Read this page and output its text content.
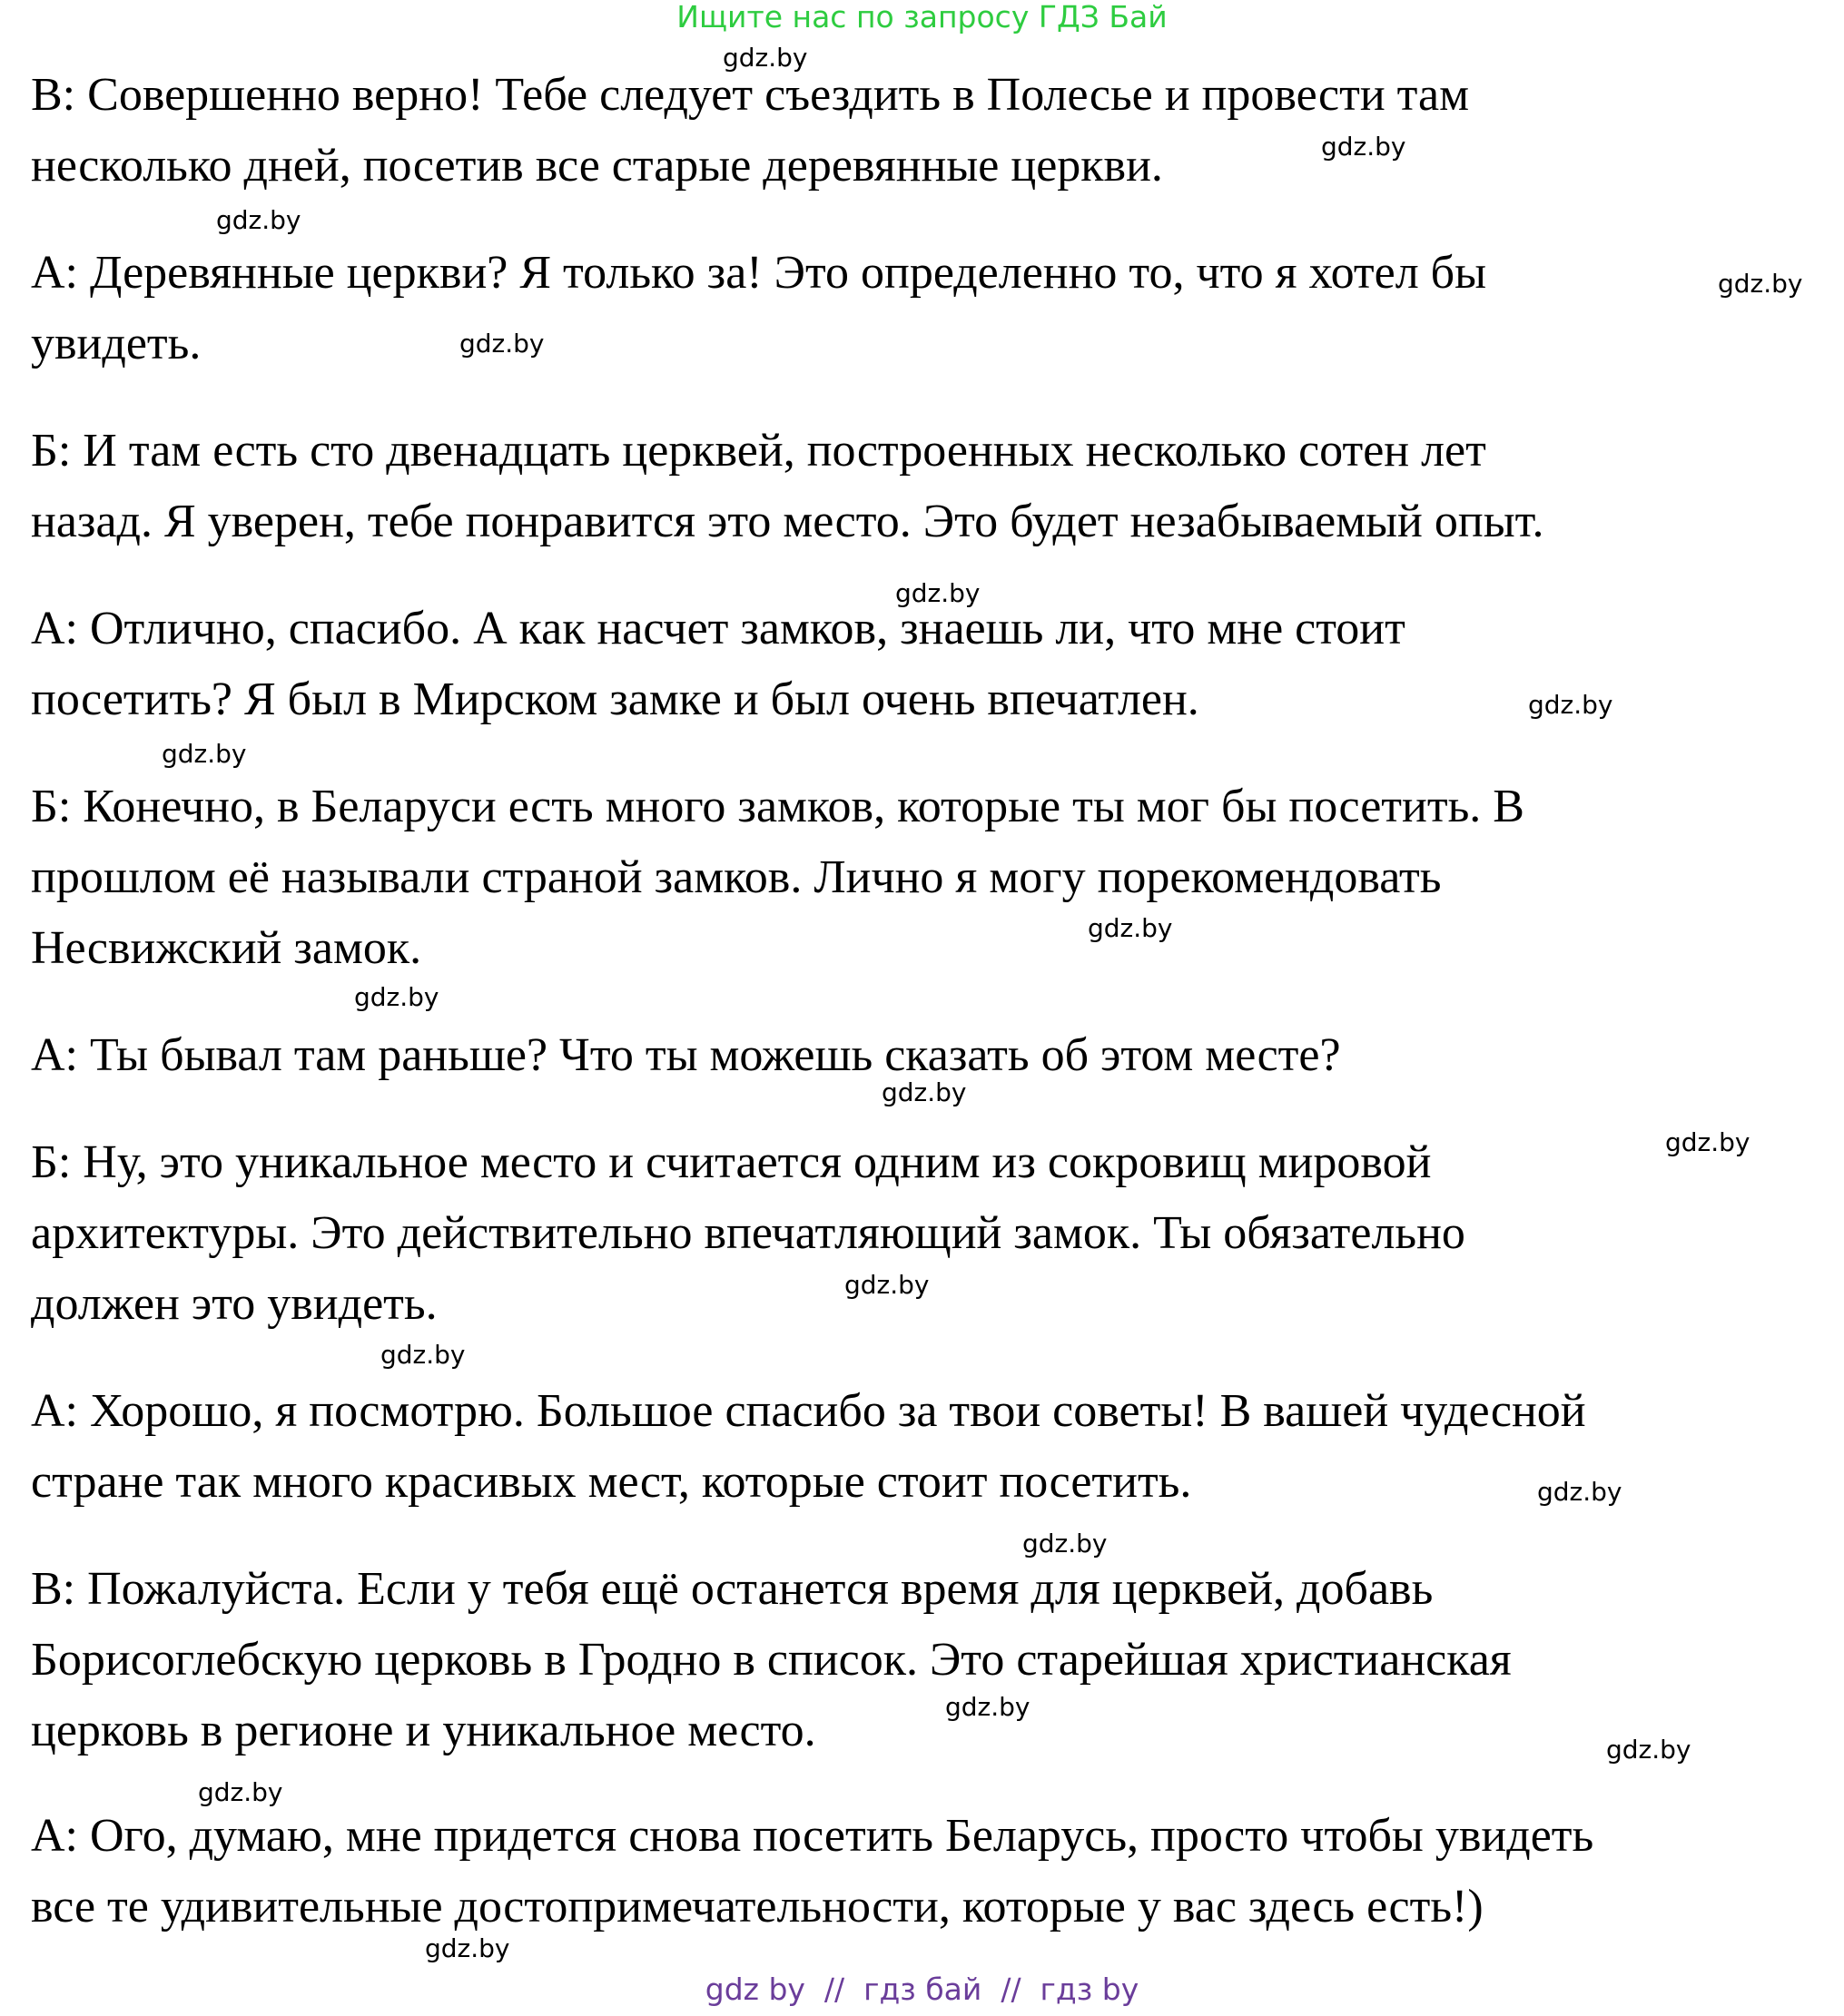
Ищите нас по запросу ГДЗ Бай
В: Совершенно верно! Тебе следует съездить в Полесье и провести там
несколько дней, посетив все старые деревянные церкви.
А: Деревянные церкви? Я только за! Это определенно то, что я хотел бы
увидеть.
Б: И там есть сто двенадцать церквей, построенных несколько сотен лет
назад. Я уверен, тебе понравится это место. Это будет незабываемый опыт.
А: Отлично, спасибо. А как насчет замков, знаешь ли, что мне стоит
посетить? Я был в Мирском замке и был очень впечатлен.
Б: Конечно, в Беларуси есть много замков, которые ты мог бы посетить. В
прошлом её называли страной замков. Лично я могу порекомендовать
Несвижский замок.
А: Ты бывал там раньше? Что ты можешь сказать об этом месте?
Б: Ну, это уникальное место и считается одним из сокровищ мировой
архитектуры. Это действительно впечатляющий замок. Ты обязательно
должен это увидеть.
А: Хорошо, я посмотрю. Большое спасибо за твои советы! В вашей чудесной
стране так много красивых мест, которые стоит посетить.
В: Пожалуйста. Если у тебя ещё останется время для церквей, добавь
Борисоглебскую церковь в Гродно в список. Это старейшая христианская
церковь в регионе и уникальное место.
А: Ого, думаю, мне придется снова посетить Беларусь, просто чтобы увидеть
все те удивительные достопримечательности, которые у вас здесь есть!)
gdz.by
gdz.by
gdz.by
gdz.by
gdz.by
gdz.by
gdz.by
gdz.by
gdz.by
gdz.by
gdz.by
gdz.by
gdz.by
gdz.by
gdz.by
gdz.by
gdz.by
gdz.by
gdz.by
gdz.by
gdz by  //  гдз бай  //  гдз by
